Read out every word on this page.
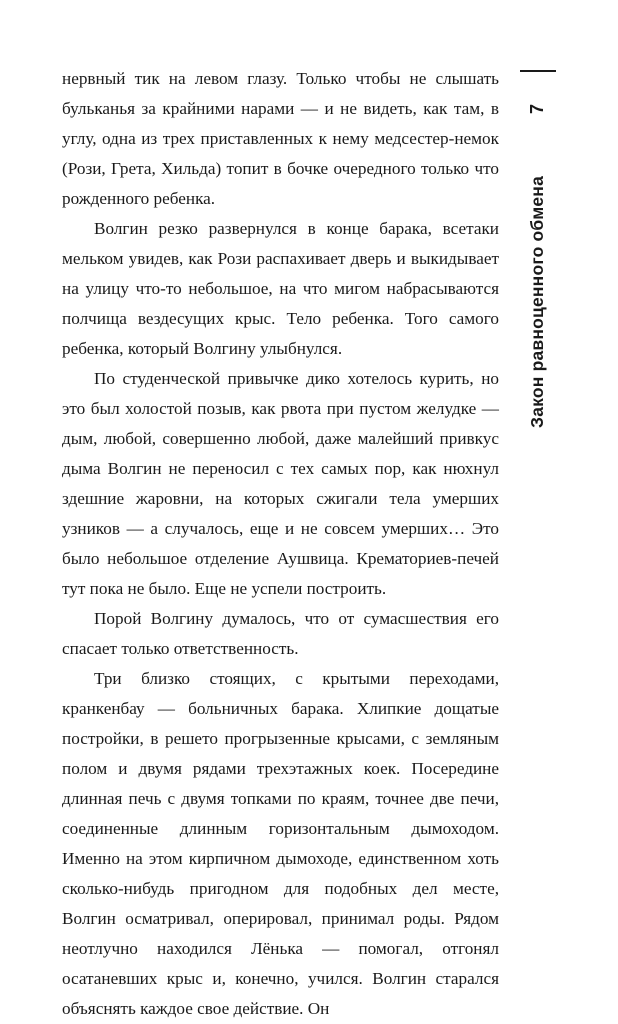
7
Закон равноценного обмена

нервный тик на левом глазу. Только чтобы не слышать бульканья за крайними нарами — и не видеть, как там, в углу, одна из трех приставленных к нему медсестер-немок (Рози, Грета, Хильда) топит в бочке очередного только что рожденного ребенка.

Волгин резко развернулся в конце барака, всетаки мельком увидев, как Рози распахивает дверь и выкидывает на улицу что-то небольшое, на что мигом набрасываются полчища вездесущих крыс. Тело ребенка. Того самого ребенка, который Волгину улыбнулся.

По студенческой привычке дико хотелось курить, но это был холостой позыв, как рвота при пустом желудке — дым, любой, совершенно любой, даже малейший привкус дыма Волгин не переносил с тех самых пор, как нюхнул здешние жаровни, на которых сжигали тела умерших узников — а случалось, еще и не совсем умерших… Это было небольшое отделение Аушвица. Крематориев-печей тут пока не было. Еще не успели построить.

Порой Волгину думалось, что от сумасшествия его спасает только ответственность.

Три близко стоящих, с крытыми переходами, кранкенбау — больничных барака. Хлипкие дощатые постройки, в решето прогрызенные крысами, с земляным полом и двумя рядами трехэтажных коек. Посередине длинная печь с двумя топками по краям, точнее две печи, соединенные длинным горизонтальным дымоходом. Именно на этом кирпичном дымоходе, единственном хоть сколько-нибудь пригодном для подобных дел месте, Волгин осматривал, оперировал, принимал роды. Рядом неотлучно находился Лёнька — помогал, отгонял осатаневших крыс и, конечно, учился. Волгин старался объяснять каждое свое действие. Он
